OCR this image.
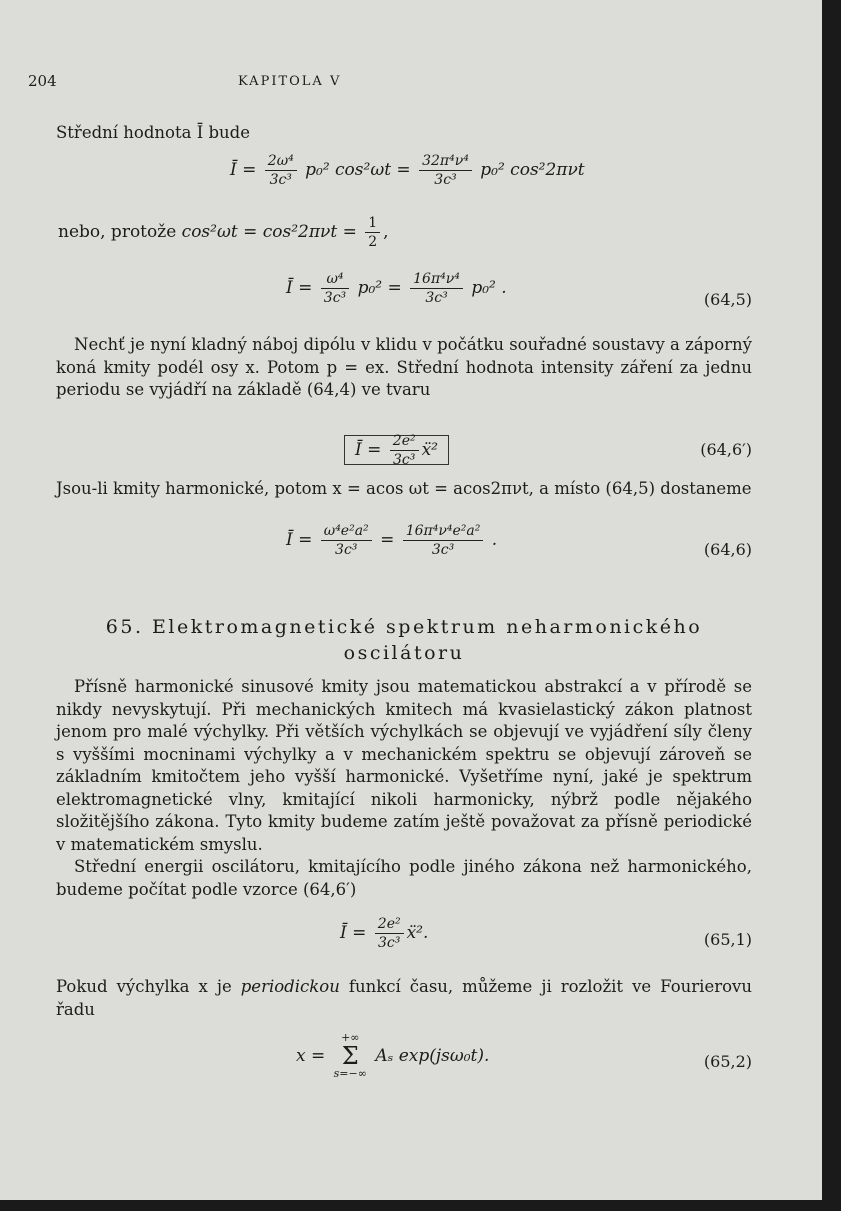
204	KAPITOLA V
Střední hodnota Ī bude
Ī = $\frac{\text{2ω⁴}}{\text{3c³}} p_0^2$ $\cos^2\omega t = \frac{\text{32π⁴ν⁴}}{\text{3c³}} p_0^2$ cos²2πνt
nebo, protože $\cos^2\omega t = \cos^22\pi\nu t = \frac{1}{2}$ ,
Ī = $\frac{\text{ω⁴}}{\text{3c³}} p_0^2 = \frac{\text{16π⁴ν⁴}}{\text{3c³}} p_0^2$ .
(64,5)
Nechť je nyní kladný náboj dipólu v klidu v počátku souřadné soustavy a záporný koná kmity podél osy x. Potom p = ex. Střední hodnota intensity záření za jednu periodu se vyjádří na základě (64,4) ve tvaru
Ī = $\frac{\text{2e²}}{\text{3c³}}$ ẍ²	(64,6′)
Jsou-li kmity harmonické, potom x = acos ωt = acos2πνt, a místo (64,5) dostaneme
Ī = $\frac{\text{ω⁴e²a²}}{\text{3c³}} = \frac{\text{16π⁴ν⁴e²a²}}{\text{3c³}}$ .	(64,6)
65. Elektromagnetické spektrum neharmonického
oscilátoru
Přísně harmonické sinusové kmity jsou matematickou abstrakcí a v přírodě se nikdy nevyskytují. Při mechanických kmitech má kvasielastický zákon platnost jenom pro malé výchylky. Při větších výchylkách se objevují ve vyjádření síly členy s vyššími mocninami výchylky a v mechanickém spektru se objevují zároveň se základním kmitočtem jeho vyšší harmonické. Vyšetříme nyní, jaké je spektrum elektromagnetické vlny, kmitající nikoli harmonicky, nýbrž podle nějakého složitějšího zákona. Tyto kmity budeme zatím ještě považovat za přísně periodické v matematickém smyslu.
Střední energii oscilátoru, kmitajícího podle jiného zákona než harmonického, budeme počítat podle vzorce (64,6′)
Ī = $\frac{\text{2e²}}{\text{3c³}}$ ẍ².	(65,1)
Pokud výchylka x je periodickou funkcí času, můžeme ji rozložit ve Fourierovu řadu
x =
+∞
Σ
s=−∞
Aₛ exp(jsω₀t).	(65,2)
